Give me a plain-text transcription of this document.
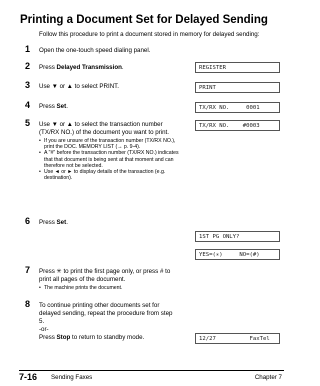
Printing a Document Set for Delayed Sending
Follow this procedure to print a document stored in memory for delayed sending:
1 Open the one-touch speed dialing panel.
2 Press Delayed Transmission.	REGISTER
3 Use ▼ or ▲ to select PRINT.	PRINT
4 Press Set.	TX/RX NO.     0001
5 Use ▼ or ▲ to select the transaction number (TX/RX NO.) of the document you want to print.
• If you are unsure of the transaction number (TX/RX NO.), print the DOC. MEMORY LIST (→ p. 9-4).
• A "#" before the transaction number (TX/RX NO.) indicates that that document is being sent at that moment and can therefore not be selected.
• Use ◄ or ► to display details of the transaction (e.g. destination).
TX/RX NO.    #0003
6 Press Set.
1ST PG ONLY?
YES=(✳)     NO=(#)
7 Press ✳ to print the first page only, or press # to print all pages of the document.
• The machine prints the document.
8 To continue printing other documents set for delayed sending, repeat the procedure from step 5.
-or-
Press Stop to return to standby mode.	12/27          FaxTel
7-16 Sending Faxes	Chapter 7
